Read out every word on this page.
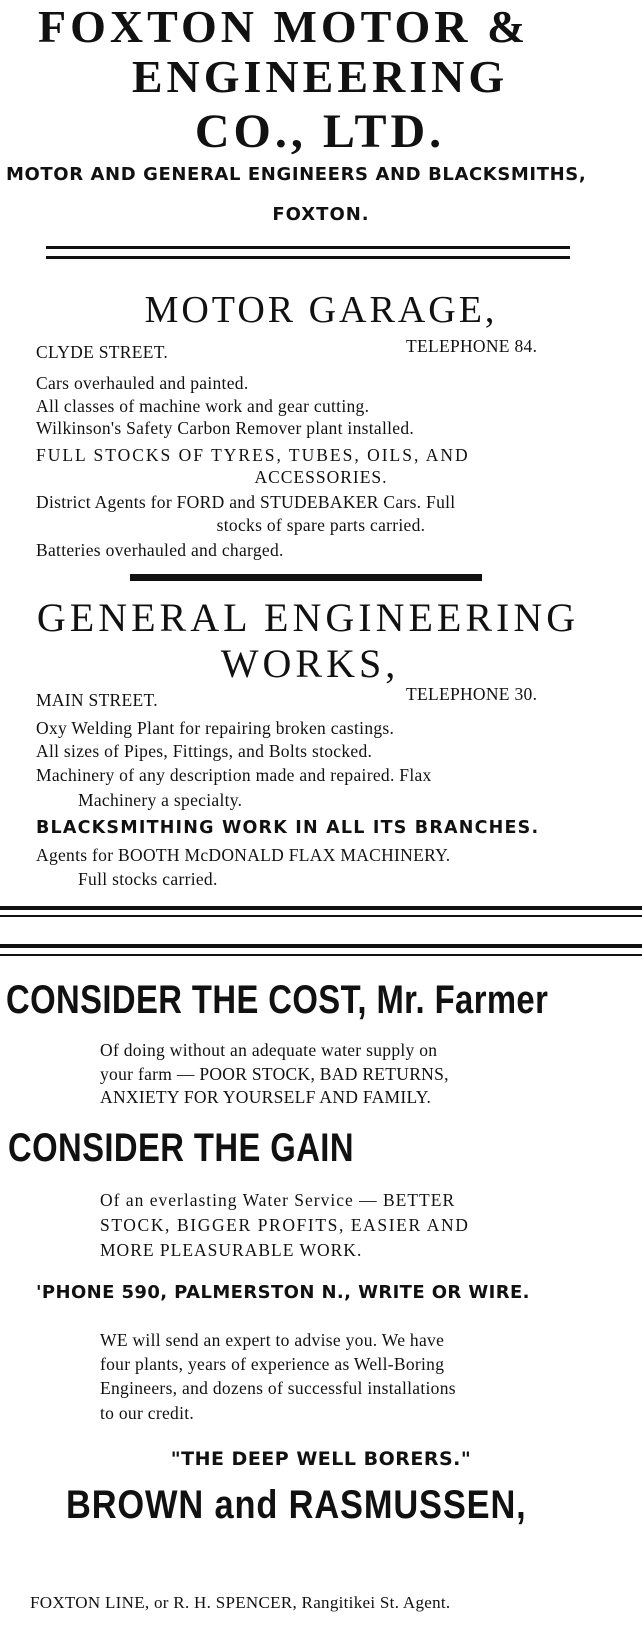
FOXTON MOTOR &
ENGINEERING
CO., LTD.
MOTOR AND GENERAL ENGINEERS AND BLACKSMITHS,
FOXTON.
MOTOR GARAGE,
CLYDE STREET.	TELEPHONE 84.
Cars overhauled and painted.
All classes of machine work and gear cutting.
Wilkinson's Safety Carbon Remover plant installed.
FULL STOCKS OF TYRES, TUBES, OILS, AND
ACCESSORIES.
District Agents for FORD and STUDEBAKER Cars. Full
stocks of spare parts carried.
Batteries overhauled and charged.
GENERAL ENGINEERING
WORKS,
MAIN STREET.	TELEPHONE 30.
Oxy Welding Plant for repairing broken castings.
All sizes of Pipes, Fittings, and Bolts stocked.
Machinery of any description made and repaired. Flax
Machinery a specialty.
BLACKSMITHING WORK IN ALL ITS BRANCHES.
Agents for BOOTH McDONALD FLAX MACHINERY.
Full stocks carried.
CONSIDER THE COST, Mr. Farmer
Of doing without an adequate water supply on
your farm — POOR STOCK, BAD RETURNS,
ANXIETY FOR YOURSELF AND FAMILY.
CONSIDER THE GAIN
Of an everlasting Water Service — BETTER
STOCK, BIGGER PROFITS, EASIER AND
MORE PLEASURABLE WORK.
'PHONE 590, PALMERSTON N., WRITE OR WIRE.
WE will send an expert to advise you. We have
four plants, years of experience as Well-Boring
Engineers, and dozens of successful installations
to our credit.
"THE DEEP WELL BORERS."
BROWN and RASMUSSEN,
FOXTON LINE, or R. H. SPENCER, Rangitikei St. Agent.
